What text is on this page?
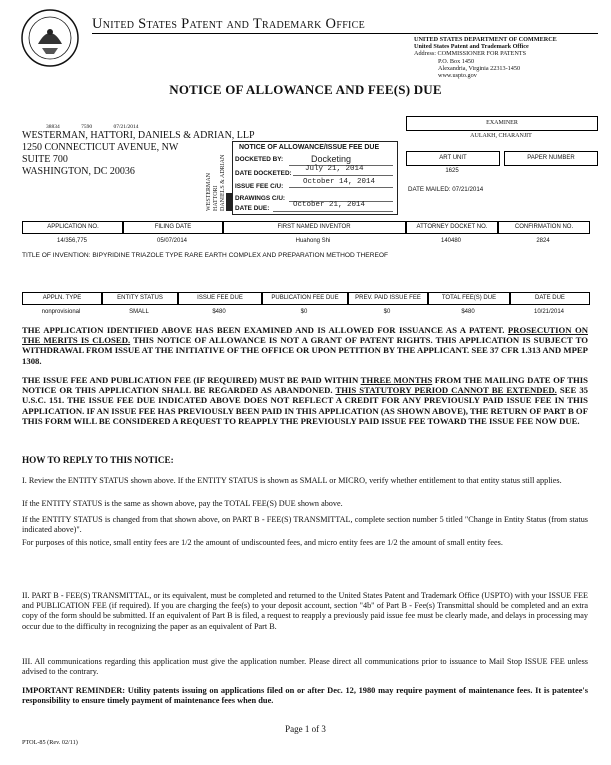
United States Patent and Trademark Office
UNITED STATES DEPARTMENT OF COMMERCE
United States Patent and Trademark Office
Address: COMMISSIONER FOR PATENTS
P.O. Box 1450
Alexandria, Virginia 22313-1450
www.uspto.gov
NOTICE OF ALLOWANCE AND FEE(S) DUE
38834	7590	07/21/2014
WESTERMAN, HATTORI, DANIELS & ADRIAN, LLP
1250 CONNECTICUT AVENUE, NW
SUITE 700
WASHINGTON, DC 20036
WESTERMAN HATTORI DANIELS & ADRIAN
NOTICE OF ALLOWANCE/ISSUE FEE DUE
DOCKETED BY:	Docketing
DATE DOCKETED:
July 21, 2014
ISSUE FEE C/U:
October 14, 2014
DRAWINGS C/U:
DATE DUE:	October 21, 2014
EXAMINER
AULAKH, CHARANJIT
ART UNIT	PAPER NUMBER
1625
DATE MAILED: 07/21/2014
APPLICATION NO.	FILING DATE	FIRST NAMED INVENTOR	ATTORNEY DOCKET NO.	CONFIRMATION NO.
14/356,775	05/07/2014	Huahong Shi	140480	2824
TITLE OF INVENTION: BIPYRIDINE TRIAZOLE TYPE RARE EARTH COMPLEX AND PREPARATION METHOD THEREOF
APPLN. TYPE	ENTITY STATUS	ISSUE FEE DUE	PUBLICATION FEE DUE	PREV. PAID ISSUE FEE	TOTAL FEE(S) DUE	DATE DUE
nonprovisional	SMALL	$480	$0	$0	$480	10/21/2014
THE APPLICATION IDENTIFIED ABOVE HAS BEEN EXAMINED AND IS ALLOWED FOR ISSUANCE AS A PATENT. PROSECUTION ON THE MERITS IS CLOSED. THIS NOTICE OF ALLOWANCE IS NOT A GRANT OF PATENT RIGHTS. THIS APPLICATION IS SUBJECT TO WITHDRAWAL FROM ISSUE AT THE INITIATIVE OF THE OFFICE OR UPON PETITION BY THE APPLICANT. SEE 37 CFR 1.313 AND MPEP 1308.
THE ISSUE FEE AND PUBLICATION FEE (IF REQUIRED) MUST BE PAID WITHIN THREE MONTHS FROM THE MAILING DATE OF THIS NOTICE OR THIS APPLICATION SHALL BE REGARDED AS ABANDONED. THIS STATUTORY PERIOD CANNOT BE EXTENDED. SEE 35 U.S.C. 151. THE ISSUE FEE DUE INDICATED ABOVE DOES NOT REFLECT A CREDIT FOR ANY PREVIOUSLY PAID ISSUE FEE IN THIS APPLICATION. IF AN ISSUE FEE HAS PREVIOUSLY BEEN PAID IN THIS APPLICATION (AS SHOWN ABOVE), THE RETURN OF PART B OF THIS FORM WILL BE CONSIDERED A REQUEST TO REAPPLY THE PREVIOUSLY PAID ISSUE FEE TOWARD THE ISSUE FEE NOW DUE.
HOW TO REPLY TO THIS NOTICE:
I. Review the ENTITY STATUS shown above. If the ENTITY STATUS is shown as SMALL or MICRO, verify whether entitlement to that entity status still applies.
If the ENTITY STATUS is the same as shown above, pay the TOTAL FEE(S) DUE shown above.
If the ENTITY STATUS is changed from that shown above, on PART B - FEE(S) TRANSMITTAL, complete section number 5 titled "Change in Entity Status (from status indicated above)".
For purposes of this notice, small entity fees are 1/2 the amount of undiscounted fees, and micro entity fees are 1/2 the amount of small entity fees.
II. PART B - FEE(S) TRANSMITTAL, or its equivalent, must be completed and returned to the United States Patent and Trademark Office (USPTO) with your ISSUE FEE and PUBLICATION FEE (if required). If you are charging the fee(s) to your deposit account, section "4b" of Part B - Fee(s) Transmittal should be completed and an extra copy of the form should be submitted. If an equivalent of Part B is filed, a request to reapply a previously paid issue fee must be clearly made, and delays in processing may occur due to the difficulty in recognizing the paper as an equivalent of Part B.
III. All communications regarding this application must give the application number. Please direct all communications prior to issuance to Mail Stop ISSUE FEE unless advised to the contrary.
IMPORTANT REMINDER: Utility patents issuing on applications filed on or after Dec. 12, 1980 may require payment of maintenance fees. It is patentee's responsibility to ensure timely payment of maintenance fees when due.
Page 1 of 3
PTOL-85 (Rev. 02/11)
